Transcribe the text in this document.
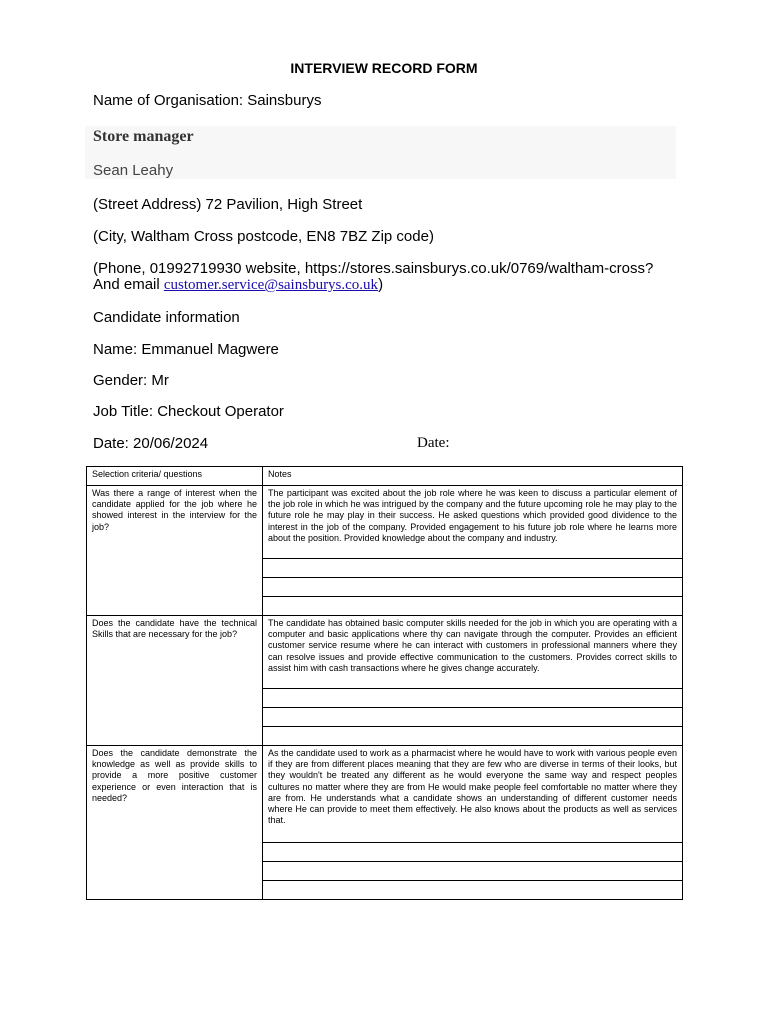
INTERVIEW RECORD FORM
Name of Organisation: Sainsburys
Store manager
Sean Leahy
(Street Address) 72 Pavilion, High Street
(City, Waltham Cross postcode, EN8 7BZ Zip code)
(Phone, 01992719930 website, https://stores.sainsburys.co.uk/0769/waltham-cross?
And email customer.service@sainsburys.co.uk)
Candidate information
Name: Emmanuel Magwere
Gender: Mr
Job Title: Checkout Operator
Date: 20/06/2024	Date:
Selection criteria/ questions	Notes
Was there a range of interest when the candidate applied for the job where he showed interest in the interview for the job?	The participant was excited about the job role where he was keen to discuss a particular element of the job role in which he was intrigued by the company and the future upcoming role he may play to the future role he may play in their success. He asked questions which provided good dividence to the interest in the job of the company. Provided engagement to his future job role where he learns more about the position. Provided knowledge about the company and industry.

Does the candidate have the technical Skills that are necessary for the job?	The candidate has obtained basic computer skills needed for the job in which you are operating with a computer and basic applications where thy can navigate through the computer. Provides an efficient customer service resume where he can interact with customers in professional manners where they can resolve issues and provide effective communication to the customers. Provides correct skills to assist him with cash transactions where he gives change accurately.

Does the candidate demonstrate the knowledge as well as provide skills to provide a more positive customer experience or even interaction that is needed?	As the candidate used to work as a pharmacist where he would have to work with various people even if they are from different places meaning that they are few who are diverse in terms of their looks, but they wouldn't be treated any different as he would everyone the same way and respect peoples cultures no matter where they are from He would make people feel comfortable no matter where they are from. He understands what a candidate shows an understanding of different customer needs where He can provide to meet them effectively. He also knows about the products as well as services that.
